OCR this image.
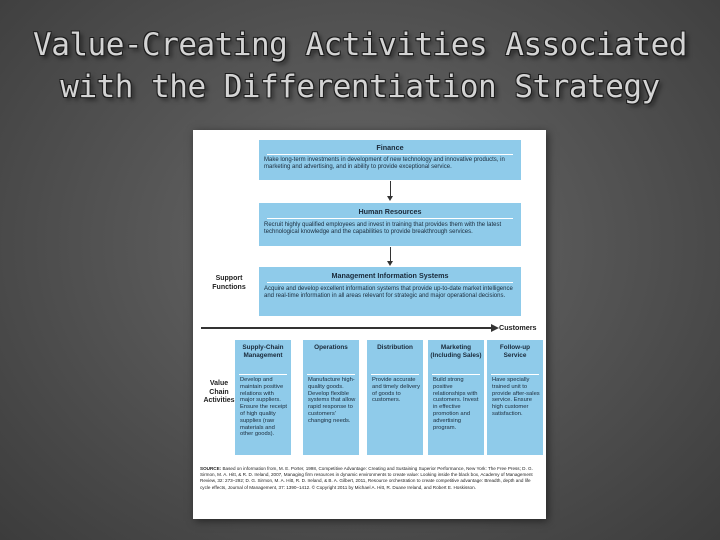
Value-Creating Activities Associated
with the Differentiation Strategy
Finance
Make long-term investments in development of new technology and innovative products, in marketing and advertising, and in ability to provide exceptional service.
Human Resources
Recruit highly qualified employees and invest in training that provides them with the latest technological knowledge and the capabilities to provide breakthrough services.
Management Information Systems
Acquire and develop excellent information systems that provide up-to-date market intelligence and real-time information in all areas relevant for strategic and major operational decisions.
Support
Functions
Customers
Value
Chain
Activities
Supply-Chain Management
Develop and maintain positive relations with major suppliers. Ensure the receipt of high quality supplies (raw materials and other goods).
Operations
Manufacture high-quality goods. Develop flexible systems that allow rapid response to customers' changing needs.
Distribution
Provide accurate and timely delivery of goods to customers.
Marketing (Including Sales)
Build strong positive relationships with customers. Invest in effective promotion and advertising program.
Follow-up Service
Have specially trained unit to provide after-sales service. Ensure high customer satisfaction.
SOURCE: Based on information from, M. E. Porter, 1998, Competitive Advantage: Creating and Sustaining Superior Performance, New York: The Free Press; D. G. Sirmon, M. A. Hitt, & R. D. Ireland, 2007, Managing firm resources in dynamic environments to create value: Looking inside the black box, Academy of Management Review, 32: 273–292; D. G. Sirmon, M. A. Hitt, R. D. Ireland, & B. A. Gilbert, 2011, Resource orchestration to create competitive advantage: Breadth, depth and life cycle effects, Journal of Management, 37: 1390–1412. © Copyright 2011 by Michael A. Hitt, R. Duane Ireland, and Robert E. Hoskisson.
